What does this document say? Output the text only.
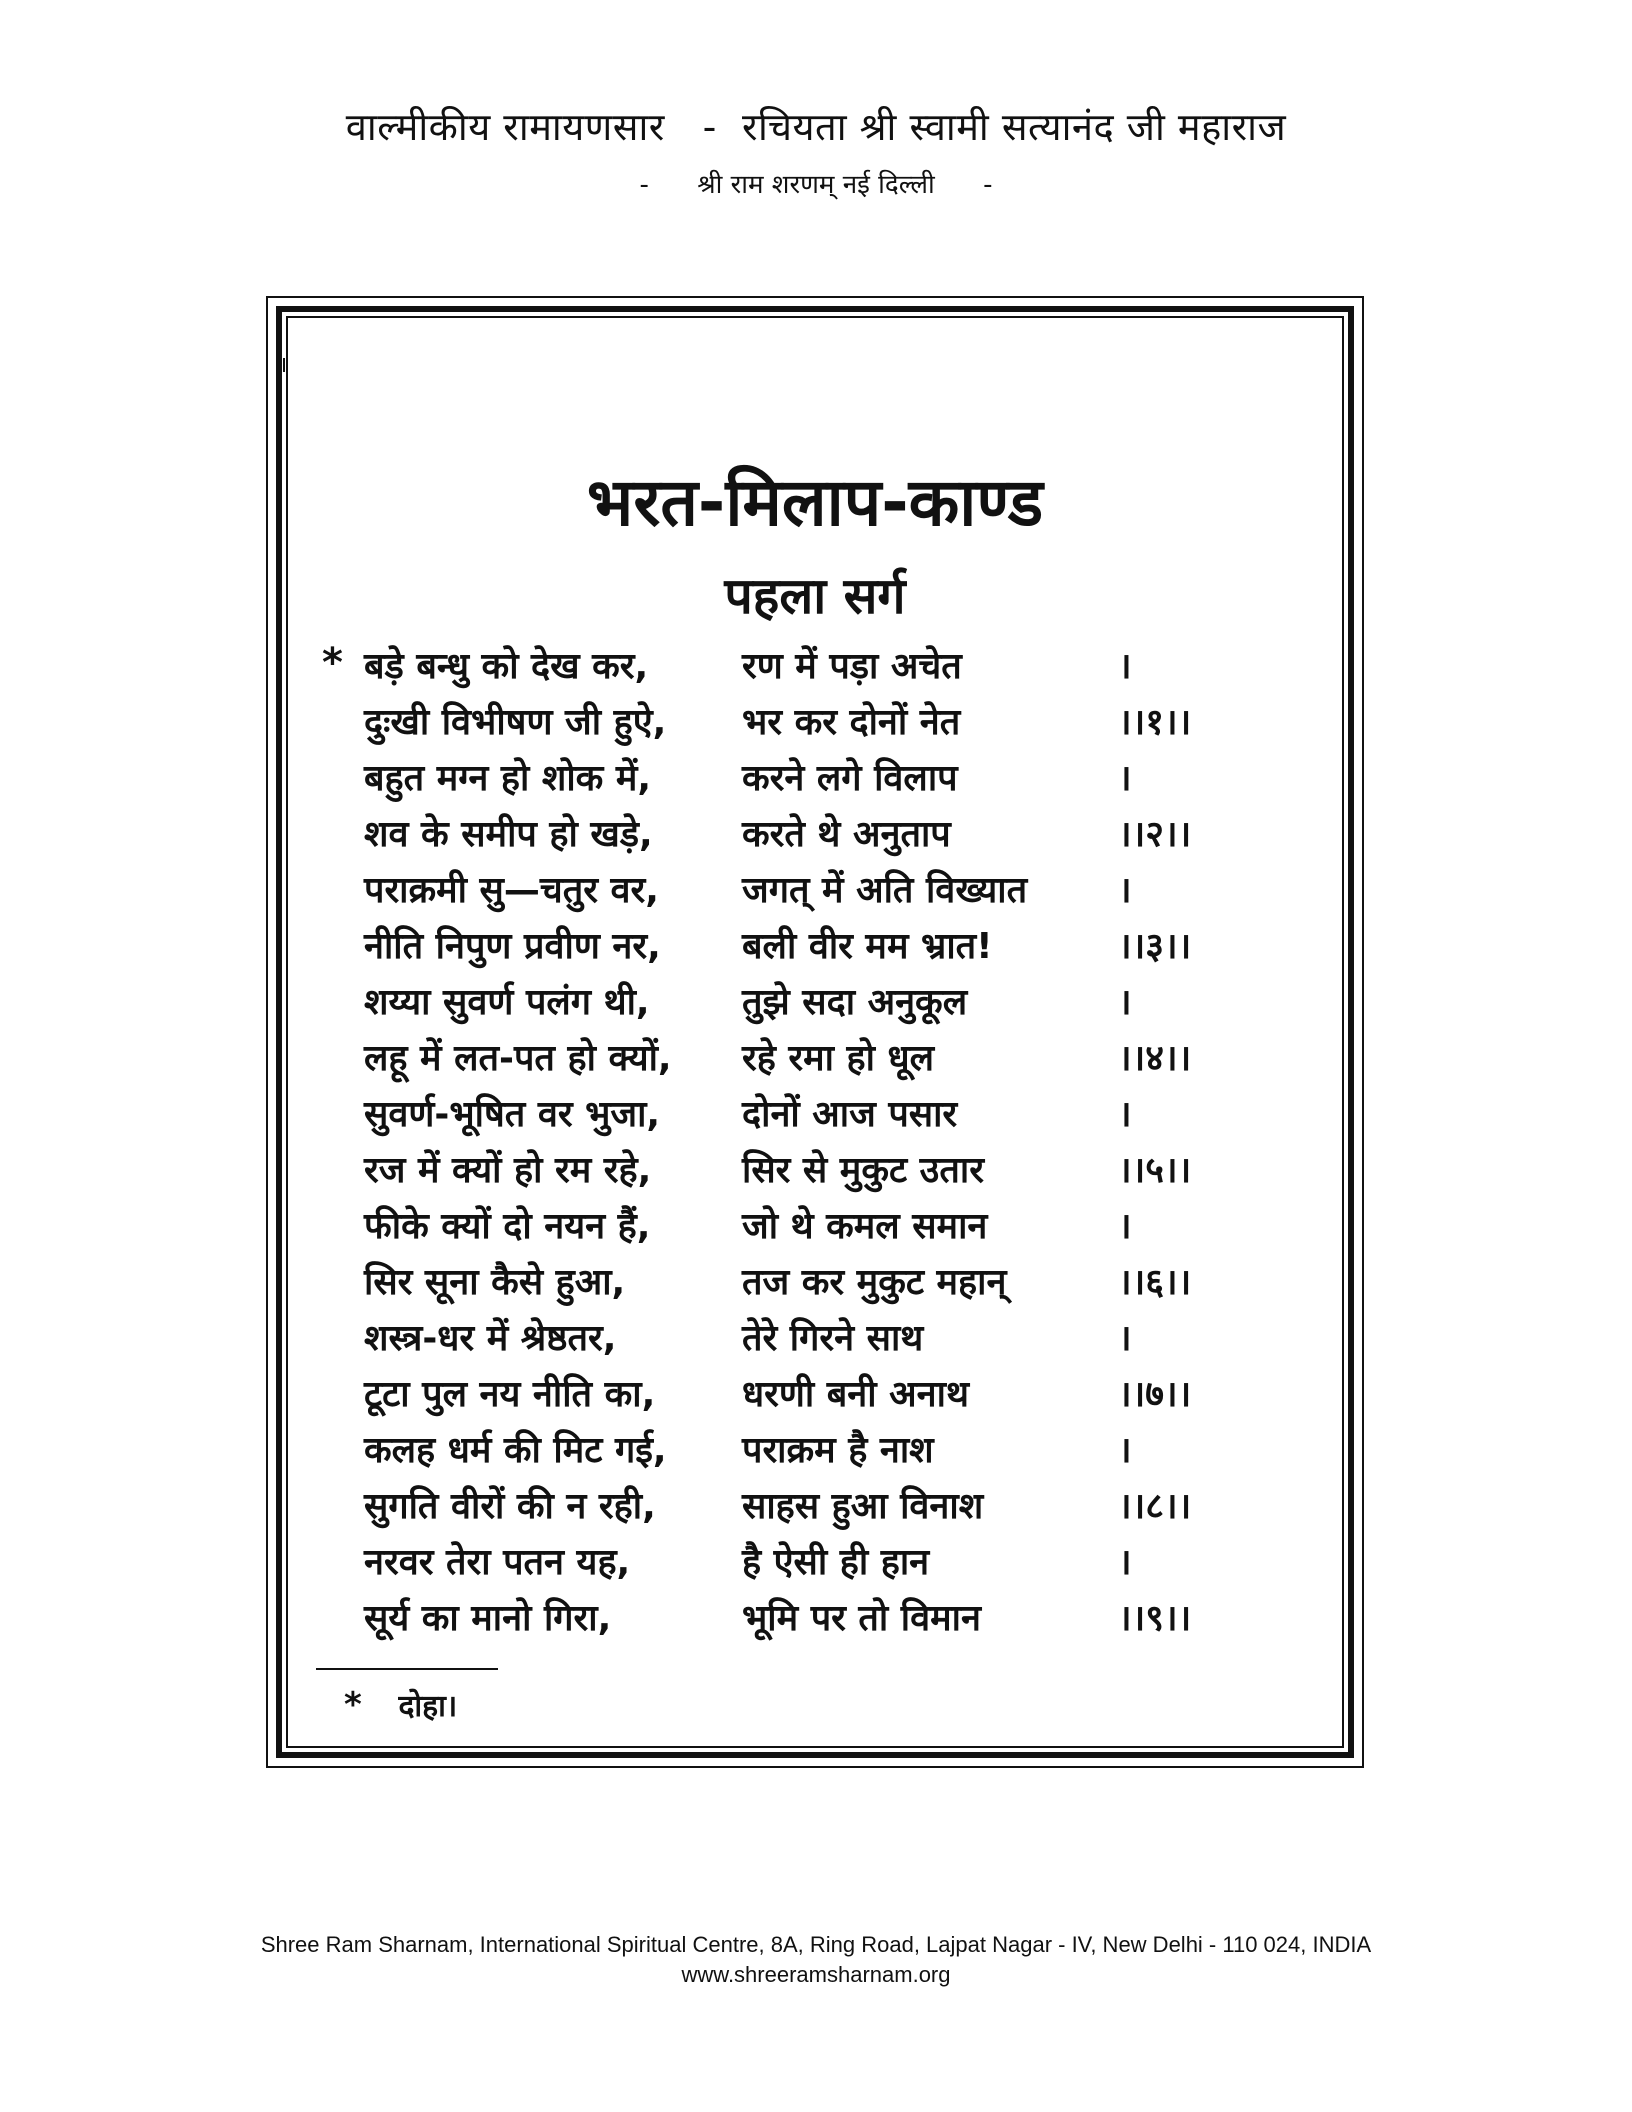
वाल्मीकीय रामायणसार - रचियता श्री स्वामी सत्यानंद जी महाराज
- श्री राम शरणम् नई दिल्ली -
भरत-मिलाप-काण्ड
पहला सर्ग
* बड़े बन्धु को देख कर,	रण में पड़ा अचेत	।
दुःखी विभीषण जी हुऐ,	भर कर दोनों नेत	।।१।।
बहुत मग्न हो शोक में,	करने लगे विलाप	।
शव के समीप हो खड़े,	करते थे अनुताप	।।२।।
पराक्रमी सु—चतुर वर,	जगत् में अति विख्यात	।
नीति निपुण प्रवीण नर,	बली वीर मम भ्रात!	।।३।।
शय्या सुवर्ण पलंग थी,	तुझे सदा अनुकूल	।
लहू में लत-पत हो क्यों,	रहे रमा हो धूल	।।४।।
सुवर्ण-भूषित वर भुजा,	दोनों आज पसार	।
रज में क्यों हो रम रहे,	सिर से मुकुट उतार	।।५।।
फीके क्यों दो नयन हैं,	जो थे कमल समान	।
सिर सूना कैसे हुआ,	तज कर मुकुट महान्	।।६।।
शस्त्र-धर में श्रेष्ठतर,	तेरे गिरने साथ	।
टूटा पुल नय नीति का,	धरणी बनी अनाथ	।।७।।
कलह धर्म की मिट गई,	पराक्रम है नाश	।
सुगति वीरों की न रही,	साहस हुआ विनाश	।।८।।
नरवर तेरा पतन यह,	है ऐसी ही हान	।
सूर्य का मानो गिरा,	भूमि पर तो विमान	।।९।।
* दोहा।
Shree Ram Sharnam, International Spiritual Centre, 8A, Ring Road, Lajpat Nagar - IV, New Delhi - 110 024, INDIA
www.shreeramsharnam.org
